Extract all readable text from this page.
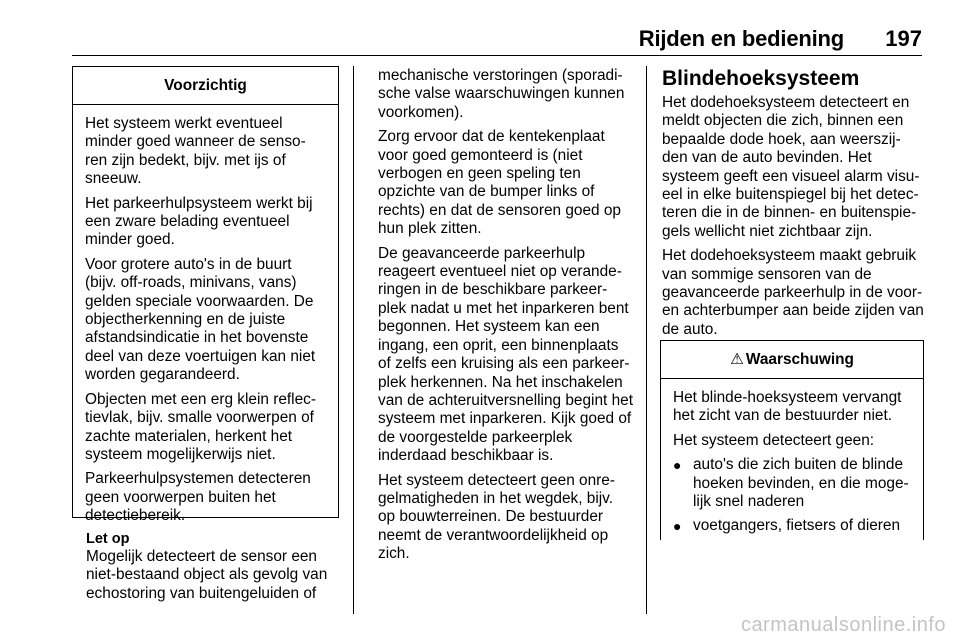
Rijden en bediening 197
Voorzichtig

Het systeem werkt eventueel minder goed wanneer de senso-ren zijn bedekt, bijv. met ijs of sneeuw.

Het parkeerhulpsysteem werkt bij een zware belading eventueel minder goed.

Voor grotere auto's in de buurt (bijv. off-roads, minivans, vans) gelden speciale voorwaarden. De objectherkenning en de juiste afstandsindicatie in het bovenste deel van deze voertuigen kan niet worden gegarandeerd.

Objecten met een erg klein reflec-tievlak, bijv. smalle voorwerpen of zachte materialen, herkent het systeem mogelijkerwijs niet.

Parkeerhulpsystemen detecteren geen voorwerpen buiten het detectiebereik.

Let op

Mogelijk detecteert de sensor een niet-bestaand object als gevolg van echostoring van buitengeluiden of

mechanische verstoringen (sporadi-sche valse waarschuwingen kunnen voorkomen).

Zorg ervoor dat de kentekenplaat voor goed gemonteerd is (niet verbogen en geen speling ten opzichte van de bumper links of rechts) en dat de sensoren goed op hun plek zitten.

De geavanceerde parkeerhulp reageert eventueel niet op verande-ringen in de beschikbare parkeer-plek nadat u met het inparkeren bent begonnen. Het systeem kan een ingang, een oprit, een binnenplaats of zelfs een kruising als een parkeer-plek herkennen. Na het inschakelen van de achteruitversnelling begint het systeem met inparkeren. Kijk goed of de voorgestelde parkeerplek inderdaad beschikbaar is.

Het systeem detecteert geen onre-gelmatigheden in het wegdek, bijv. op bouwterreinen. De bestuurder neemt de verantwoordelijkheid op zich.

Blindehoeksysteem

Het dodehoeksysteem detecteert en meldt objecten die zich, binnen een bepaalde dode hoek, aan weerszij-den van de auto bevinden. Het systeem geeft een visueel alarm visu-eel in elke buitenspiegel bij het detec-teren die in de binnen- en buitenspie-gels wellicht niet zichtbaar zijn.

Het dodehoeksysteem maakt gebruik van sommige sensoren van de geavanceerde parkeerhulp in de voor- en achterbumper aan beide zijden van de auto.

⚠ Waarschuwing

Het blinde-hoeksysteem vervangt het zicht van de bestuurder niet.

Het systeem detecteert geen:

● auto's die zich buiten de blinde hoeken bevinden, en die moge-lijk snel naderen
● voetgangers, fietsers of dieren
carmanualsonline.info
